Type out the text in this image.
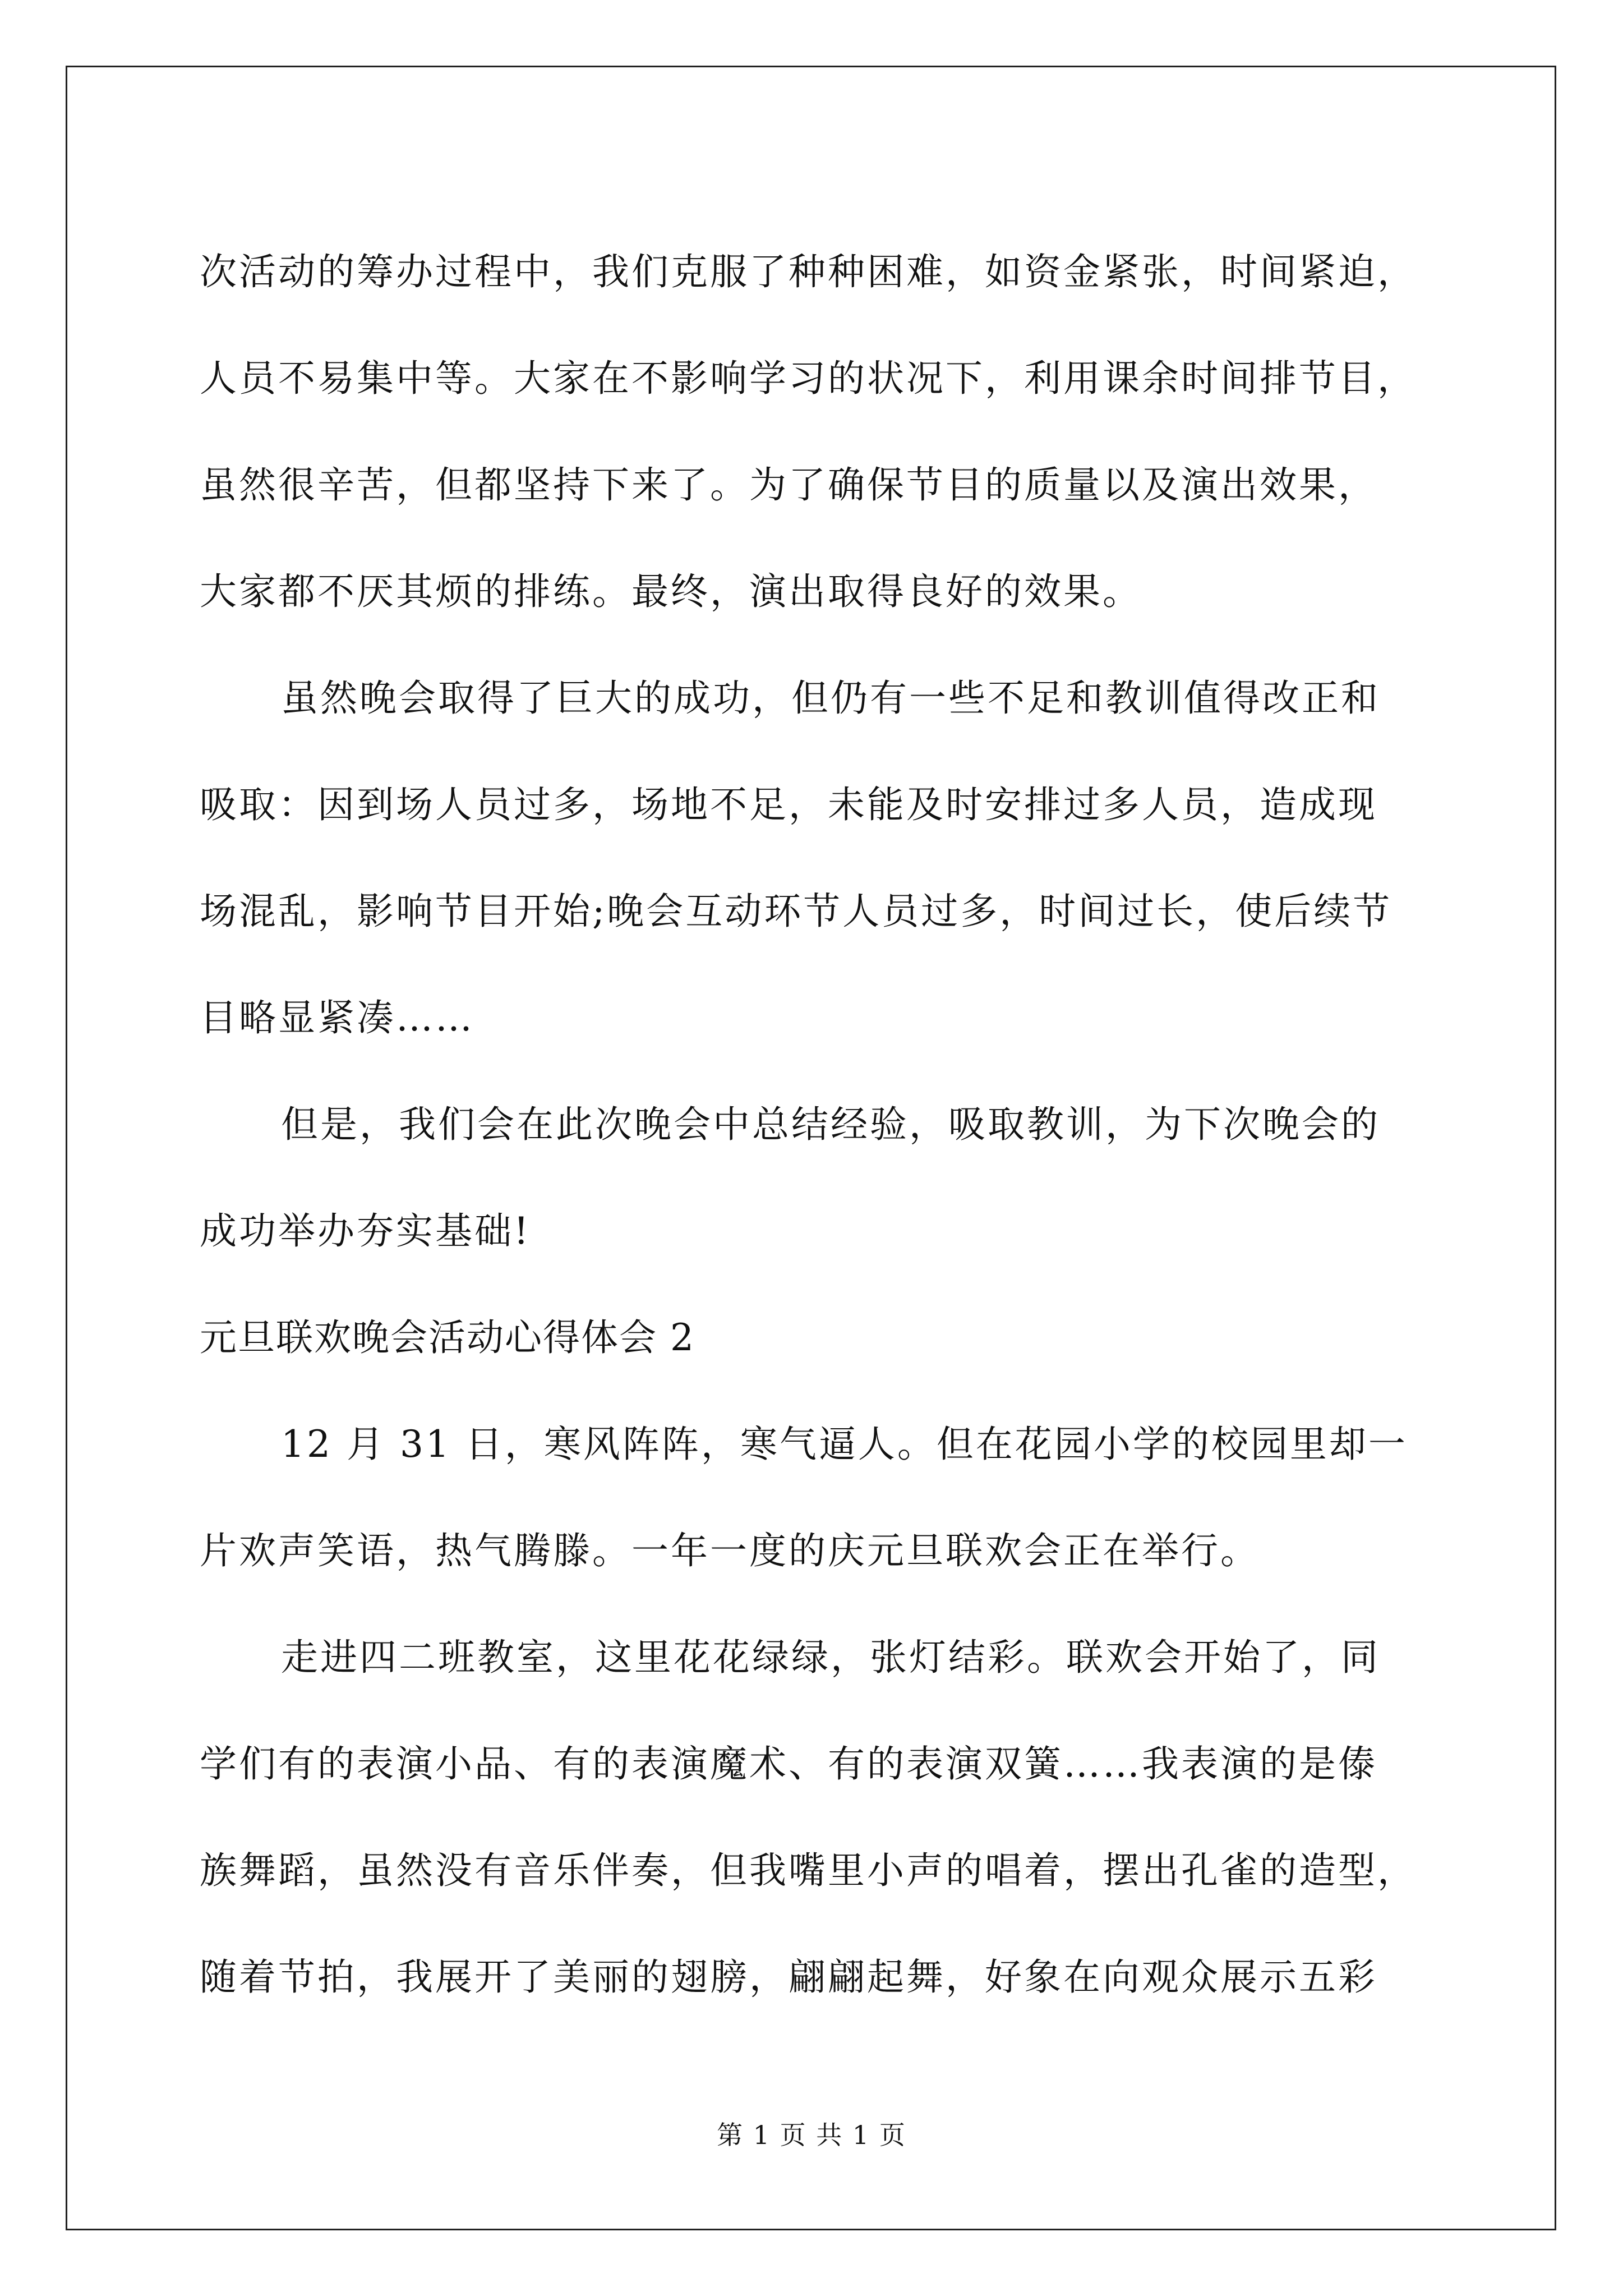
次活动的筹办过程中，我们克服了种种困难，如资金紧张，时间紧迫，
人员不易集中等。大家在不影响学习的状况下，利用课余时间排节目，
虽然很辛苦，但都坚持下来了。为了确保节目的质量以及演出效果，
大家都不厌其烦的排练。最终，演出取得良好的效果。
虽然晚会取得了巨大的成功，但仍有一些不足和教训值得改正和
吸取：因到场人员过多，场地不足，未能及时安排过多人员，造成现
场混乱，影响节目开始;晚会互动环节人员过多，时间过长，使后续节
目略显紧凑……
但是，我们会在此次晚会中总结经验，吸取教训，为下次晚会的
成功举办夯实基础!
元旦联欢晚会活动心得体会 2
12 月 31 日，寒风阵阵，寒气逼人。但在花园小学的校园里却一
片欢声笑语，热气腾滕。一年一度的庆元旦联欢会正在举行。
走进四二班教室，这里花花绿绿，张灯结彩。联欢会开始了，同
学们有的表演小品、有的表演魔术、有的表演双簧……我表演的是傣
族舞蹈，虽然没有音乐伴奏，但我嘴里小声的唱着，摆出孔雀的造型，
随着节拍，我展开了美丽的翅膀，翩翩起舞，好象在向观众展示五彩
第 1 页 共 1 页
